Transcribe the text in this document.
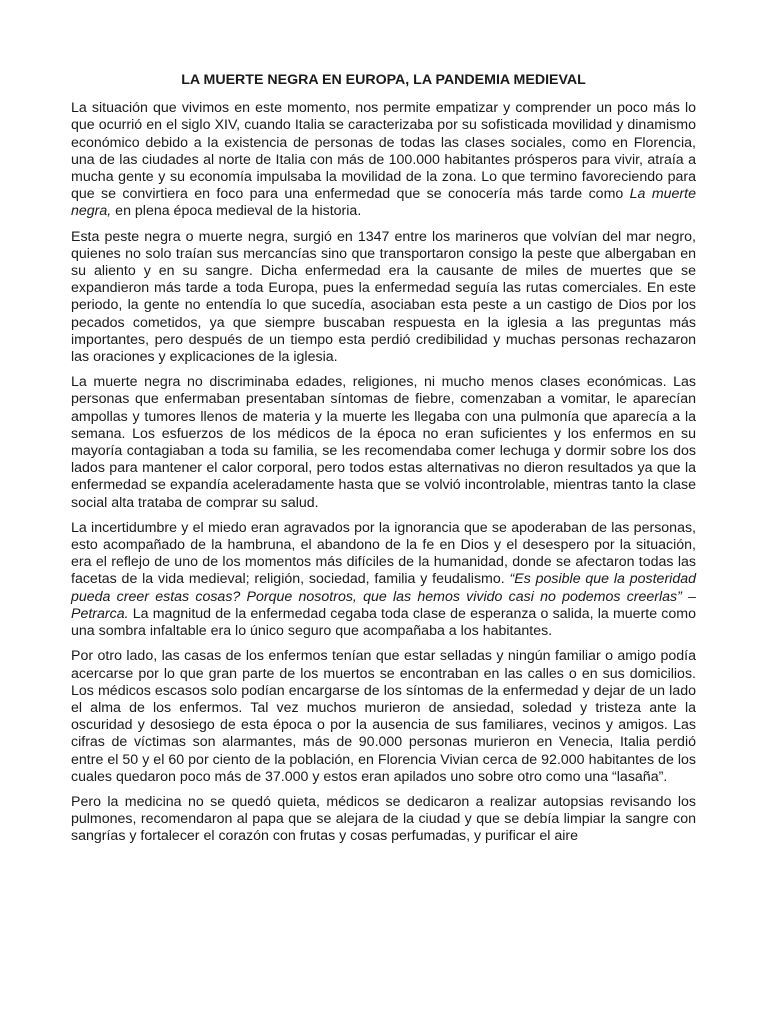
LA MUERTE NEGRA EN EUROPA, LA PANDEMIA MEDIEVAL

La situación que vivimos en este momento, nos permite empatizar y comprender un poco más lo que ocurrió en el siglo XIV, cuando Italia se caracterizaba por su sofisticada movilidad y dinamismo económico debido a la existencia de personas de todas las clases sociales, como en Florencia, una de las ciudades al norte de Italia con más de 100.000 habitantes prósperos para vivir, atraía a mucha gente y su economía impulsaba la movilidad de la zona. Lo que termino favoreciendo para que se convirtiera en foco para una enfermedad que se conocería más tarde como La muerte negra, en plena época medieval de la historia.

Esta peste negra o muerte negra, surgió en 1347 entre los marineros que volvían del mar negro, quienes no solo traían sus mercancías sino que transportaron consigo la peste que albergaban en su aliento y en su sangre. Dicha enfermedad era la causante de miles de muertes que se expandieron más tarde a toda Europa, pues la enfermedad seguía las rutas comerciales. En este periodo, la gente no entendía lo que sucedía, asociaban esta peste a un castigo de Dios por los pecados cometidos, ya que siempre buscaban respuesta en la iglesia a las preguntas más importantes, pero después de un tiempo esta perdió credibilidad y muchas personas rechazaron las oraciones y explicaciones de la iglesia.

La muerte negra no discriminaba edades, religiones, ni mucho menos clases económicas. Las personas que enfermaban presentaban síntomas de fiebre, comenzaban a vomitar, le aparecían ampollas y tumores llenos de materia y la muerte les llegaba con una pulmonía que aparecía a la semana. Los esfuerzos de los médicos de la época no eran suficientes y los enfermos en su mayoría contagiaban a toda su familia, se les recomendaba comer lechuga y dormir sobre los dos lados para mantener el calor corporal, pero todos estas alternativas no dieron resultados ya que la enfermedad se expandía aceleradamente hasta que se volvió incontrolable, mientras tanto la clase social alta trataba de comprar su salud.

La incertidumbre y el miedo eran agravados por la ignorancia que se apoderaban de las personas, esto acompañado de la hambruna, el abandono de la fe en Dios y el desespero por la situación, era el reflejo de uno de los momentos más difíciles de la humanidad, donde se afectaron todas las facetas de la vida medieval; religión, sociedad, familia y feudalismo. “Es posible que la posteridad pueda creer estas cosas? Porque nosotros, que las hemos vivido casi no podemos creerlas” – Petrarca. La magnitud de la enfermedad cegaba toda clase de esperanza o salida, la muerte como una sombra infaltable era lo único seguro que acompañaba a los habitantes.

Por otro lado, las casas de los enfermos tenían que estar selladas y ningún familiar o amigo podía acercarse por lo que gran parte de los muertos se encontraban en las calles o en sus domicilios. Los médicos escasos solo podían encargarse de los síntomas de la enfermedad y dejar de un lado el alma de los enfermos. Tal vez muchos murieron de ansiedad, soledad y tristeza ante la oscuridad y desosiego de esta época o por la ausencia de sus familiares, vecinos y amigos. Las cifras de víctimas son alarmantes, más de 90.000 personas murieron en Venecia, Italia perdió entre el 50 y el 60 por ciento de la población, en Florencia Vivian cerca de 92.000 habitantes de los cuales quedaron poco más de 37.000 y estos eran apilados uno sobre otro como una “lasaña”.

Pero la medicina no se quedó quieta, médicos se dedicaron a realizar autopsias revisando los pulmones, recomendaron al papa que se alejara de la ciudad y que se debía limpiar la sangre con sangrías y fortalecer el corazón con frutas y cosas perfumadas, y purificar el aire
